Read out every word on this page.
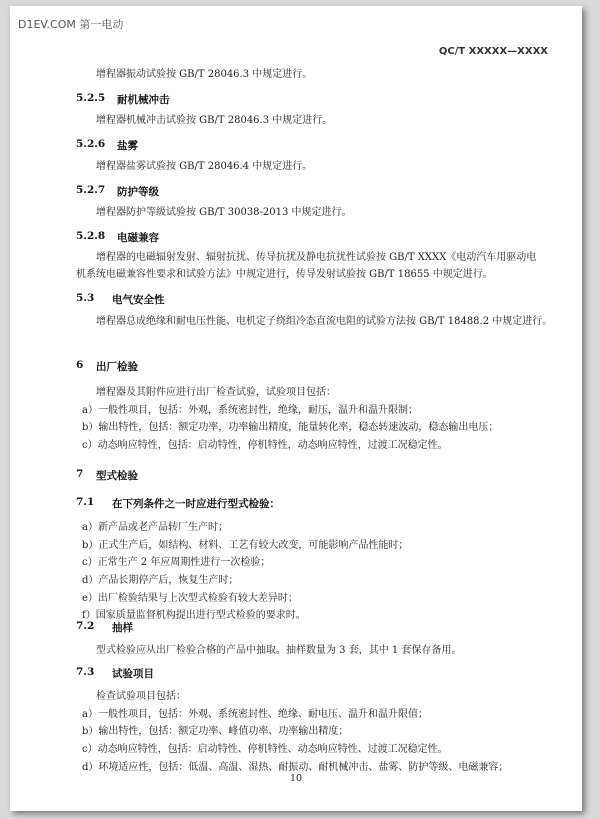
D1EV.COM 第一电动
QC/T XXXXX—XXXX
增程器振动试验按 GB/T 28046.3 中规定进行。
5.2.5 耐机械冲击
增程器机械冲击试验按 GB/T 28046.3 中规定进行。
5.2.6 盐雾
增程器盐雾试验按 GB/T 28046.4 中规定进行。
5.2.7 防护等级
增程器防护等级试验按 GB/T 30038-2013 中规定进行。
5.2.8 电磁兼容
增程器的电磁辐射发射、辐射抗扰、传导抗扰及静电抗扰性试验按 GB/T XXXX《电动汽车用驱动电
机系统电磁兼容性要求和试验方法》中规定进行，传导发射试验按 GB/T 18655 中规定进行。
5.3 电气安全性
增程器总成绝缘和耐电压性能、电机定子绕组冷态直流电阻的试验方法按 GB/T 18488.2 中规定进行。
6 出厂检验
增程器及其附件应进行出厂检查试验，试验项目包括：
a）一般性项目，包括：外观，系统密封性，绝缘，耐压，温升和温升限制；
b）输出特性，包括：额定功率，功率输出精度，能量转化率，稳态转速波动，稳态输出电压；
c）动态响应特性，包括：启动特性，停机特性，动态响应特性，过渡工况稳定性。
7 型式检验
7.1 在下列条件之一时应进行型式检验：
a）新产品或老产品转厂生产时；
b）正式生产后，如结构、材料、工艺有较大改变，可能影响产品性能时；
c）正常生产 2 年应周期性进行一次检验；
d）产品长期停产后，恢复生产时；
e）出厂检验结果与上次型式检验有较大差异时；
f）国家质量监督机构提出进行型式检验的要求时。
7.2 抽样
型式检验应从出厂检验合格的产品中抽取。抽样数量为 3 套，其中 1 套保存备用。
7.3 试验项目
检查试验项目包括：
a）一般性项目，包括：外观、系统密封性、绝缘、耐电压、温升和温升限值；
b）输出特性，包括：额定功率、峰值功率、功率输出精度；
c）动态响应特性，包括：启动特性、停机特性、动态响应特性、过渡工况稳定性。
d）环境适应性，包括：低温、高温、湿热、耐振动、耐机械冲击、盐雾、防护等级、电磁兼容；
10
